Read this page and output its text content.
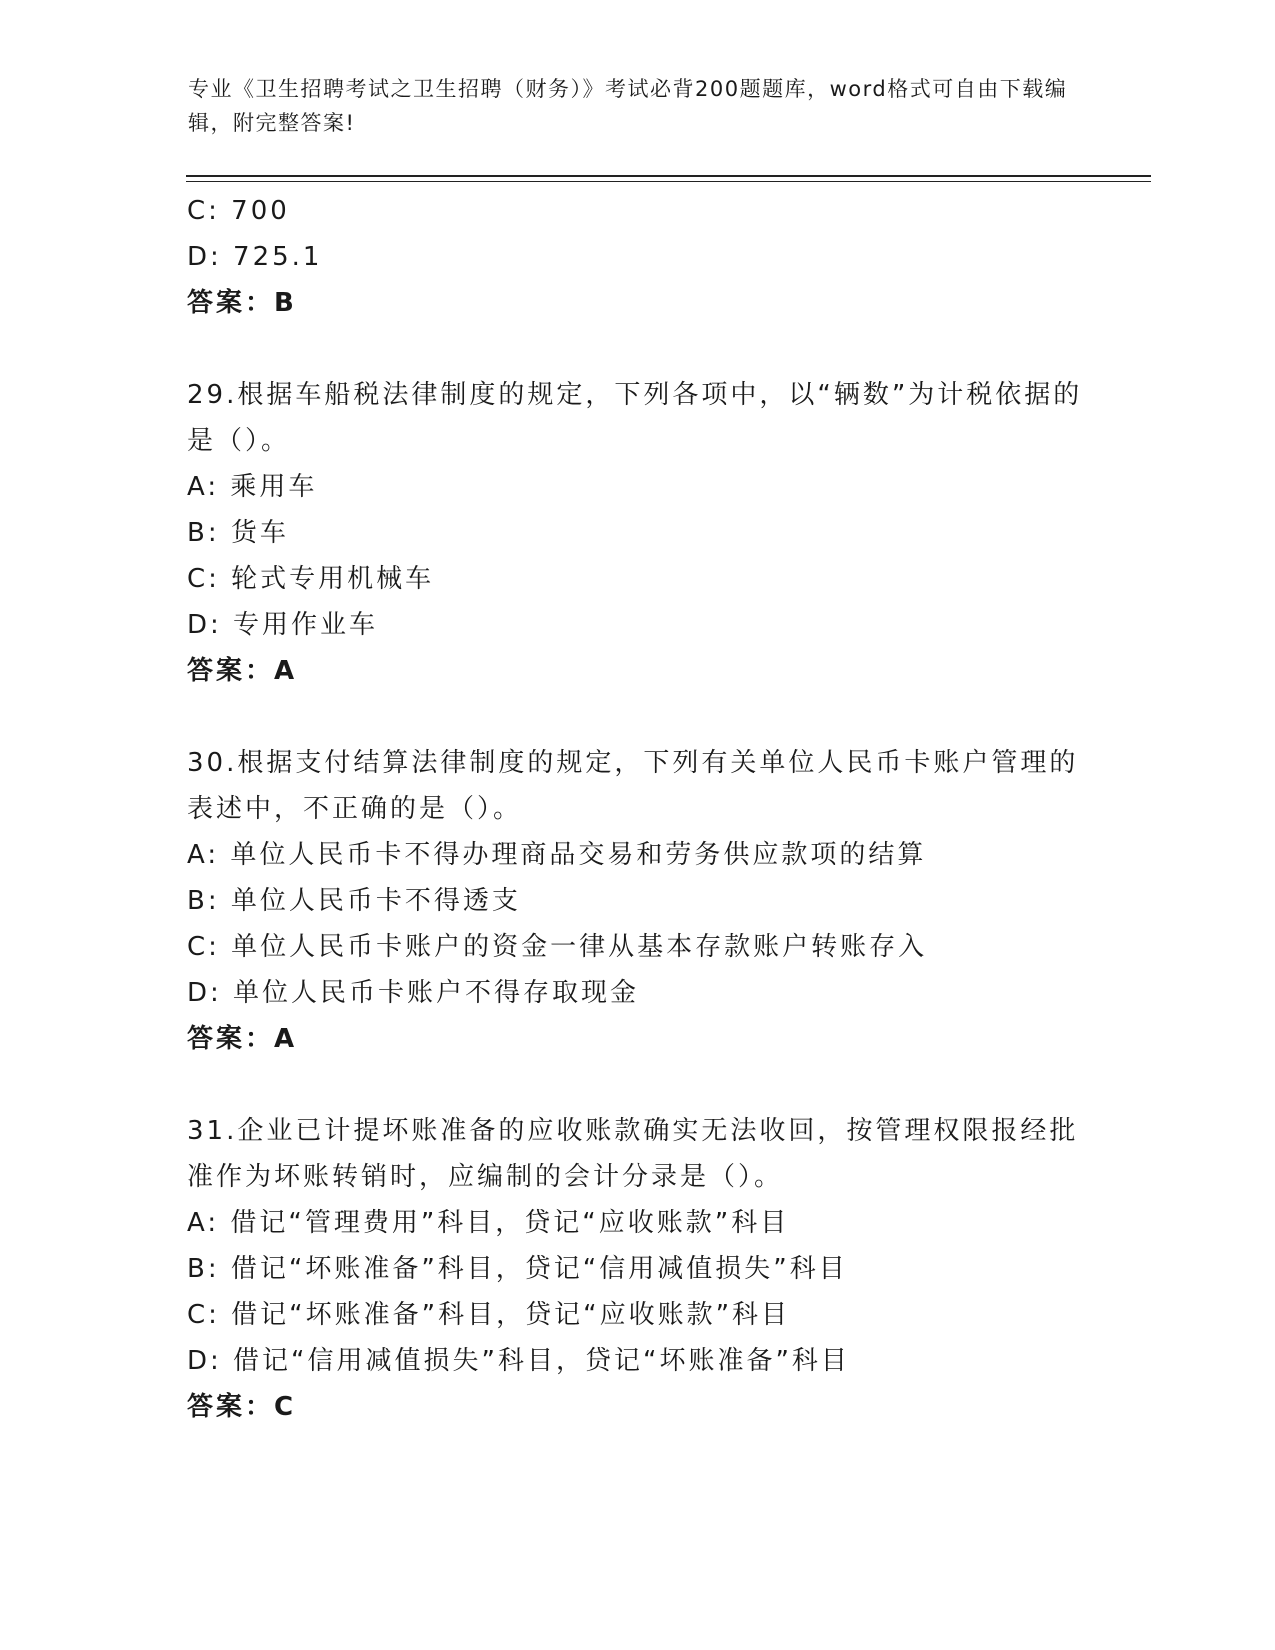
专业《卫生招聘考试之卫生招聘（财务）》考试必背200题题库，word格式可自由下载编辑，附完整答案!
C: 700
D: 725.1
答案：B
29.根据车船税法律制度的规定，下列各项中，以“辆数”为计税依据的是（）。
A: 乘用车
B: 货车
C: 轮式专用机械车
D: 专用作业车
答案：A
30.根据支付结算法律制度的规定，下列有关单位人民币卡账户管理的表述中，不正确的是（）。
A: 单位人民币卡不得办理商品交易和劳务供应款项的结算
B: 单位人民币卡不得透支
C: 单位人民币卡账户的资金一律从基本存款账户转账存入
D: 单位人民币卡账户不得存取现金
答案：A
31.企业已计提坏账准备的应收账款确实无法收回，按管理权限报经批准作为坏账转销时，应编制的会计分录是（）。
A: 借记“管理费用”科目，贷记“应收账款”科目
B: 借记“坏账准备”科目，贷记“信用减值损失”科目
C: 借记“坏账准备”科目，贷记“应收账款”科目
D: 借记“信用减值损失”科目，贷记“坏账准备”科目
答案：C
